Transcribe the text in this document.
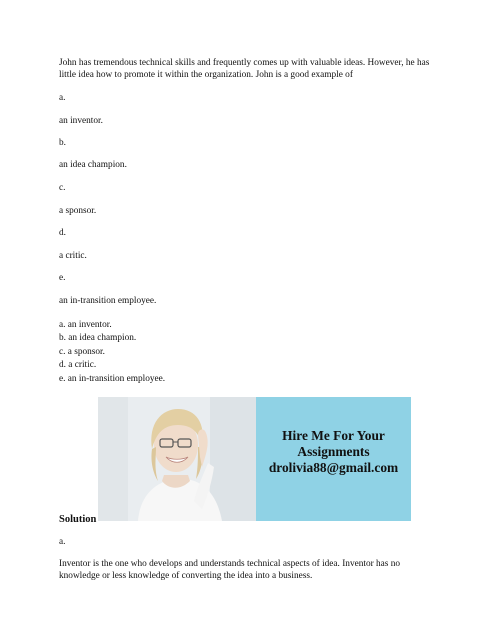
John has tremendous technical skills and frequently comes up with valuable ideas. However, he has little idea how to promote it within the organization. John is a good example of
a.
an inventor.
b.
an idea champion.
c.
a sponsor.
d.
a critic.
e.
an in-transition employee.
a. an inventor.
b. an idea champion.
c. a sponsor.
d. a critic.
e. an in-transition employee.
Hire Me For Your
Assignments
drolivia88@gmail.com
Solution
a.
Inventor is the one who develops and understands technical aspects of idea. Inventor has no knowledge or less knowledge of converting the idea into a business.
